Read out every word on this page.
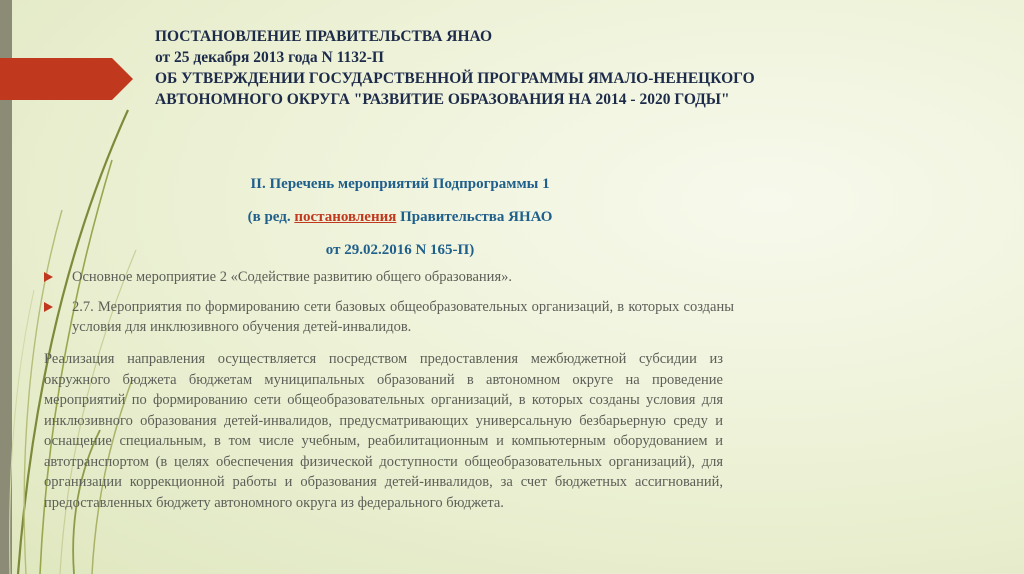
ПОСТАНОВЛЕНИЕ ПРАВИТЕЛЬСТВА ЯНАО
от 25 декабря 2013 года N 1132-П
ОБ УТВЕРЖДЕНИИ ГОСУДАРСТВЕННОЙ ПРОГРАММЫ ЯМАЛО-НЕНЕЦКОГО
АВТОНОМНОГО ОКРУГА "РАЗВИТИЕ ОБРАЗОВАНИЯ НА 2014 - 2020 ГОДЫ"
II. Перечень мероприятий Подпрограммы 1
(в ред. постановления Правительства ЯНАО
от 29.02.2016 N 165-П)
Основное мероприятие 2 «Содействие развитию общего образования».
2.7. Мероприятия по формированию сети базовых общеобразовательных организаций, в которых созданы условия для инклюзивного обучения детей-инвалидов.
Реализация направления осуществляется посредством предоставления межбюджетной субсидии из окружного бюджета бюджетам муниципальных образований в автономном округе на проведение мероприятий по формированию сети общеобразовательных организаций, в которых созданы условия для инклюзивного образования детей-инвалидов, предусматривающих универсальную безбарьерную среду и оснащение специальным, в том числе учебным, реабилитационным и компьютерным оборудованием и автотранспортом (в целях обеспечения физической доступности общеобразовательных организаций), для организации коррекционной работы и образования детей-инвалидов, за счет бюджетных ассигнований, предоставленных бюджету автономного округа из федерального бюджета.
